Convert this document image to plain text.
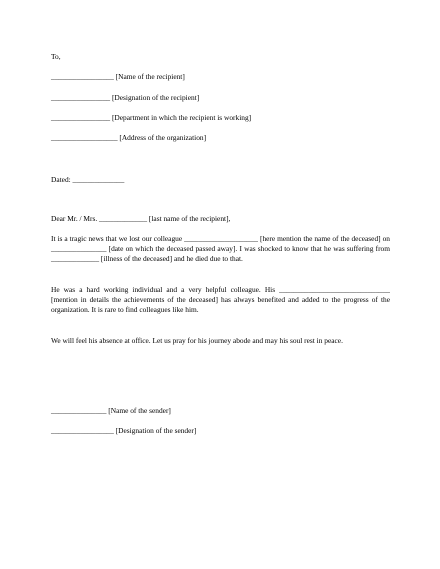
To,
_________________ [Name of the recipient]
________________ [Designation of the recipient]
________________ [Department in which the recipient is working]
__________________ [Address of the organization]
Dated: ______________
Dear Mr. / Mrs. _____________ [last name of the recipient],
It is a tragic news that we lost our colleague ____________________ [here mention the name of the deceased] on _______________ [date on which the deceased passed away]. I was shocked to know that he was suffering from _____________ [illness of the deceased] and he died due to that.
He was a hard working individual and a very helpful colleague. His ______________________________ [mention in details the achievements of the deceased] has always benefited and added to the progress of the organization. It is rare to find colleagues like him.
We will feel his absence at office. Let us pray for his journey abode and may his soul rest in peace.
_______________ [Name of the sender]
_________________ [Designation of the sender]
